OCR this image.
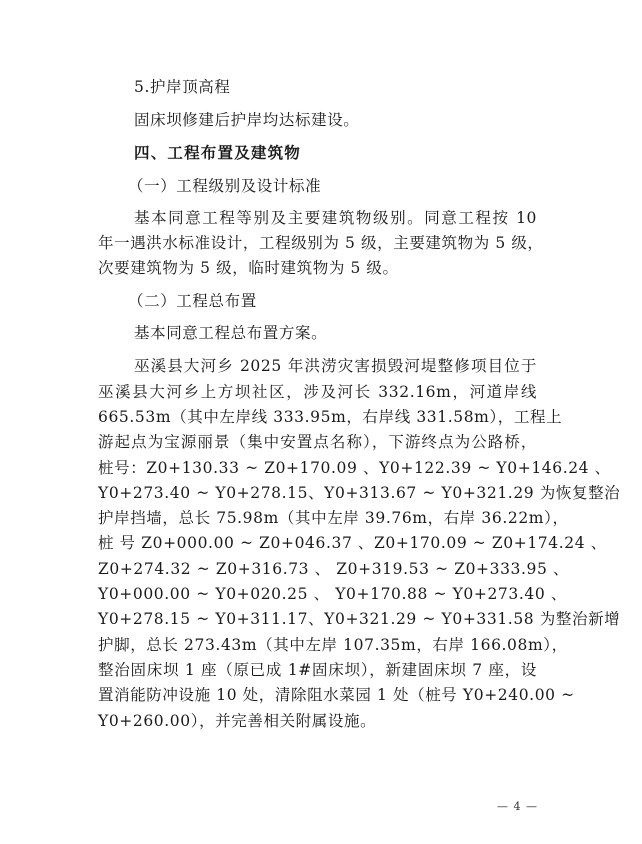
5.护岸顶高程
固床坝修建后护岸均达标建设。
四、工程布置及建筑物
（一）工程级别及设计标准
基本同意工程等别及主要建筑物级别。同意工程按 10
年一遇洪水标准设计，工程级别为 5 级，主要建筑物为 5 级，
次要建筑物为 5 级，临时建筑物为 5 级。
（二）工程总布置
基本同意工程总布置方案。
巫溪县大河乡 2025 年洪涝灾害损毁河堤整修项目位于
巫溪县大河乡上方坝社区，涉及河长 332.16m，河道岸线
665.53m（其中左岸线 333.95m，右岸线 331.58m），工程上
游起点为宝源丽景（集中安置点名称），下游终点为公路桥，
桩号：Z0+130.33 ~ Z0+170.09 、Y0+122.39 ~ Y0+146.24 、
Y0+273.40 ~ Y0+278.15、Y0+313.67 ~ Y0+321.29 为恢复整治
护岸挡墙，总长 75.98m（其中左岸 39.76m，右岸 36.22m），
桩 号 Z0+000.00 ~ Z0+046.37 、Z0+170.09 ~ Z0+174.24 、
Z0+274.32 ~ Z0+316.73 、 Z0+319.53 ~ Z0+333.95 、
Y0+000.00 ~ Y0+020.25 、 Y0+170.88 ~ Y0+273.40 、
Y0+278.15 ~ Y0+311.17、Y0+321.29 ~ Y0+331.58 为整治新增
护脚，总长 273.43m（其中左岸 107.35m，右岸 166.08m），
整治固床坝 1 座（原已成 1#固床坝），新建固床坝 7 座，设
置消能防冲设施 10 处，清除阻水菜园 1 处（桩号 Y0+240.00 ~
Y0+260.00），并完善相关附属设施。
— 4 —
